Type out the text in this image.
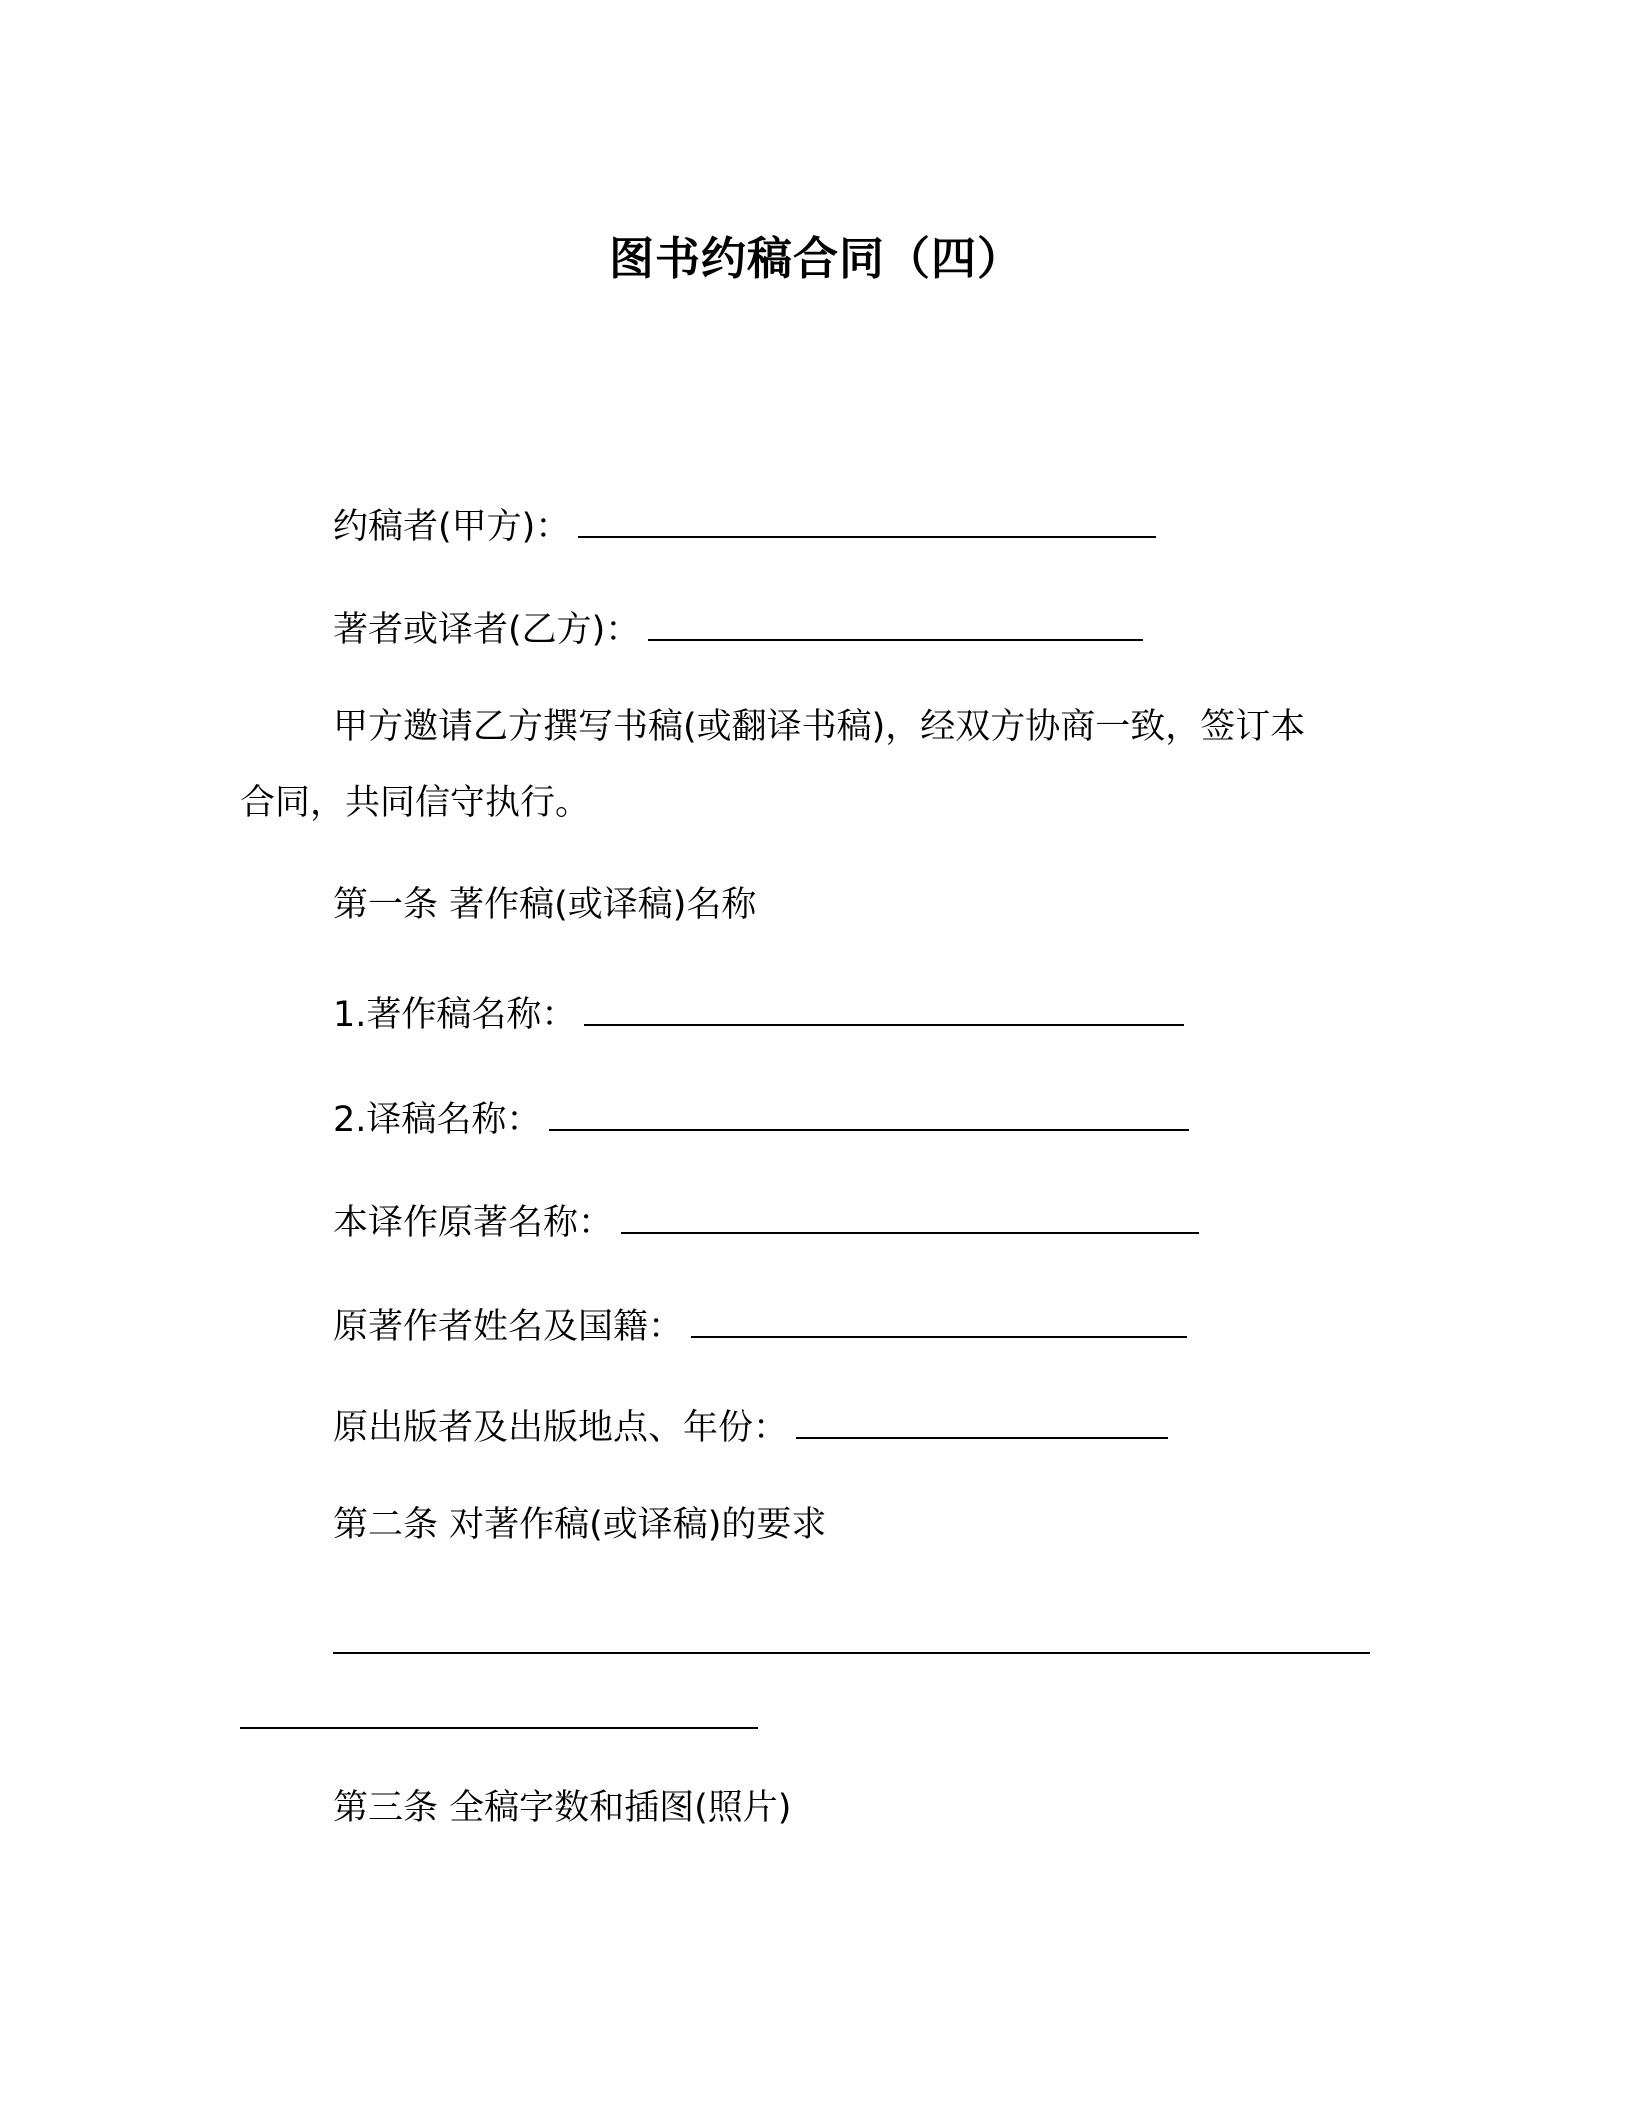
图书约稿合同（四）
约稿者(甲方)：
著者或译者(乙方)：
甲方邀请乙方撰写书稿(或翻译书稿)，经双方协商一致，签订本
合同，共同信守执行。
第一条 著作稿(或译稿)名称
1.著作稿名称：
2.译稿名称：
本译作原著名称：
原著作者姓名及国籍：
原出版者及出版地点、年份：
第二条 对著作稿(或译稿)的要求
第三条 全稿字数和插图(照片)
